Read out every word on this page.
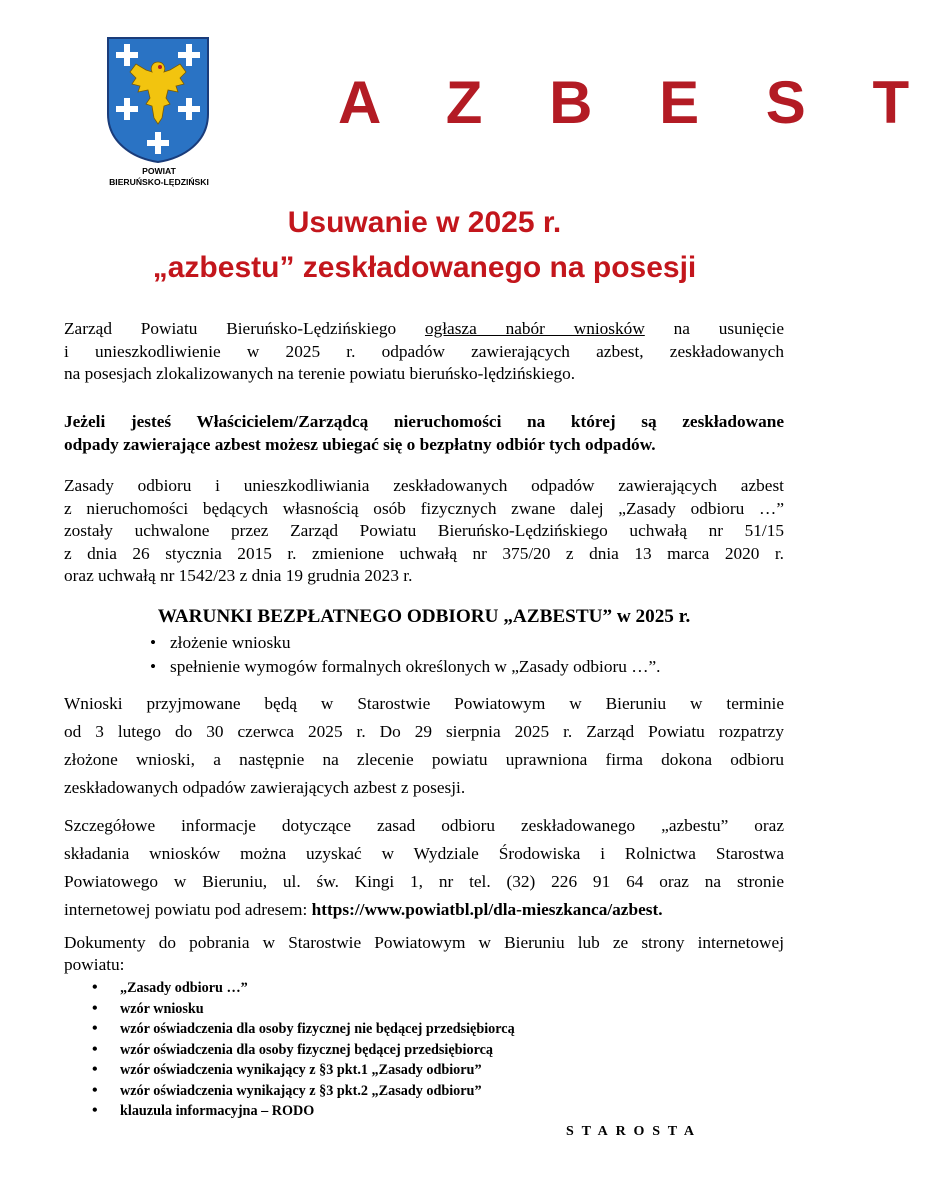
POWIAT
BIERUŃSKO-LĘDZIŃSKI
A Z B E S T
Usuwanie w 2025 r.
„azbestu” zeskładowanego na posesji
Zarząd Powiatu Bieruńsko-Lędzińskiego ogłasza nabór wniosków na usunięcie
i unieszkodliwienie w 2025 r. odpadów zawierających azbest, zeskładowanych
na posesjach zlokalizowanych na terenie powiatu bieruńsko-lędzińskiego.
Jeżeli jesteś Właścicielem/Zarządcą nieruchomości na której są zeskładowane
odpady zawierające azbest możesz ubiegać się o bezpłatny odbiór tych odpadów.
Zasady odbioru i unieszkodliwiania zeskładowanych odpadów zawierających azbest
z nieruchomości będących własnością osób fizycznych zwane dalej „Zasady odbioru …”
zostały uchwalone przez Zarząd Powiatu Bieruńsko-Lędzińskiego uchwałą nr 51/15
z dnia 26 stycznia 2015 r. zmienione uchwałą nr 375/20 z dnia 13 marca 2020 r.
oraz uchwałą nr 1542/23 z dnia 19 grudnia 2023 r.
WARUNKI BEZPŁATNEGO ODBIORU „AZBESTU” w 2025 r.
• złożenie wniosku
• spełnienie wymogów formalnych określonych w „Zasady odbioru …”.
Wnioski przyjmowane będą w Starostwie Powiatowym w Bieruniu w terminie
od 3 lutego do 30 czerwca 2025 r. Do 29 sierpnia 2025 r. Zarząd Powiatu rozpatrzy
złożone wnioski, a następnie na zlecenie powiatu uprawniona firma dokona odbioru
zeskładowanych odpadów zawierających azbest z posesji.
Szczegółowe informacje dotyczące zasad odbioru zeskładowanego „azbestu” oraz
składania wniosków można uzyskać w Wydziale Środowiska i Rolnictwa Starostwa
Powiatowego w Bieruniu, ul. św. Kingi 1, nr tel. (32) 226 91 64 oraz na stronie
internetowej powiatu pod adresem: https://www.powiatbl.pl/dla-mieszkanca/azbest.
Dokumenty do pobrania w Starostwie Powiatowym w Bieruniu lub ze strony internetowej
powiatu:
• „Zasady odbioru …”
• wzór wniosku
• wzór oświadczenia dla osoby fizycznej nie będącej przedsiębiorcą
• wzór oświadczenia dla osoby fizycznej będącej przedsiębiorcą
• wzór oświadczenia wynikający z §3 pkt.1 „Zasady odbioru”
• wzór oświadczenia wynikający z §3 pkt.2 „Zasady odbioru”
• klauzula informacyjna – RODO
STAROSTA
